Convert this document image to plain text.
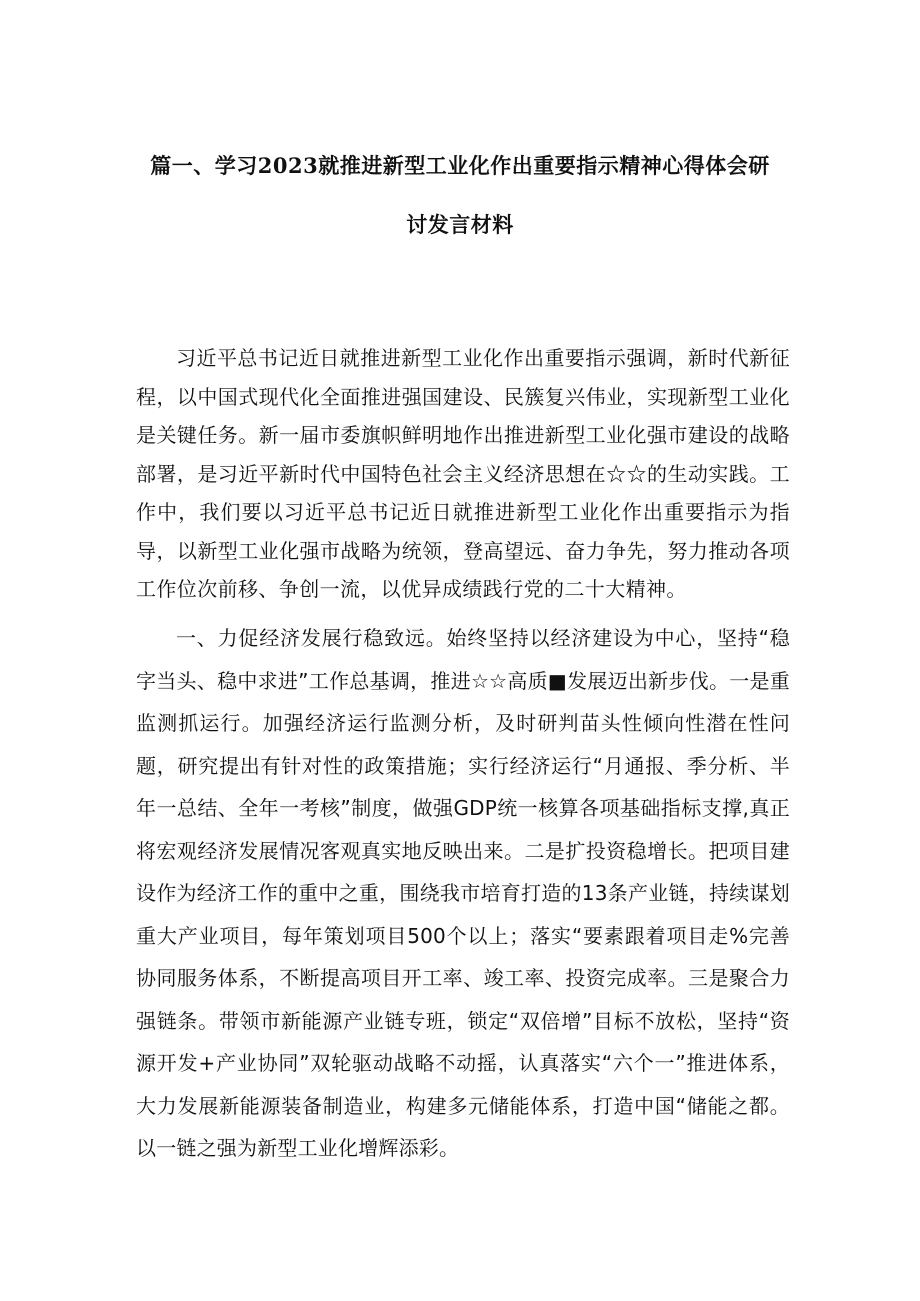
篇一、学习2023就推进新型工业化作出重要指示精神心得体会研
讨发言材料

习近平总书记近日就推进新型工业化作出重要指示强调，新时代新征程，以中国式现代化全面推进强国建设、民簇复兴伟业，实现新型工业化是关键任务。新一届市委旗帜鲜明地作出推进新型工业化强市建设的战略部署，是习近平新时代中国特色社会主义经济思想在☆☆的生动实践。工作中，我们要以习近平总书记近日就推进新型工业化作出重要指示为指导，以新型工业化强市战略为统领，登高望远、奋力争先，努力推动各项工作位次前移、争创一流，以优异成绩践行党的二十大精神。

一、力促经济发展行稳致远。始终坚持以经济建设为中心，坚持“稳字当头、稳中求进”工作总基调，推进☆☆高质■发展迈出新步伐。一是重监测抓运行。加强经济运行监测分析，及时研判苗头性倾向性潜在性问题，研究提出有针对性的政策措施；实行经济运行“月通报、季分析、半年一总结、全年一考核”制度，做强GDP统一核算各项基础指标支撑,真正将宏观经济发展情况客观真实地反映出来。二是扩投资稳增长。把项目建设作为经济工作的重中之重，围绕我市培育打造的13条产业链，持续谋划重大产业项目，每年策划项目500个以上；落实“要素跟着项目走%完善协同服务体系，不断提高项目开工率、竣工率、投资完成率。三是聚合力强链条。带领市新能源产业链专班，锁定“双倍增”目标不放松，坚持“资源开发+产业协同”双轮驱动战略不动摇，认真落实“六个一”推进体系，大力发展新能源装备制造业，构建多元储能体系，打造中国“储能之都。以一链之强为新型工业化增辉添彩。
